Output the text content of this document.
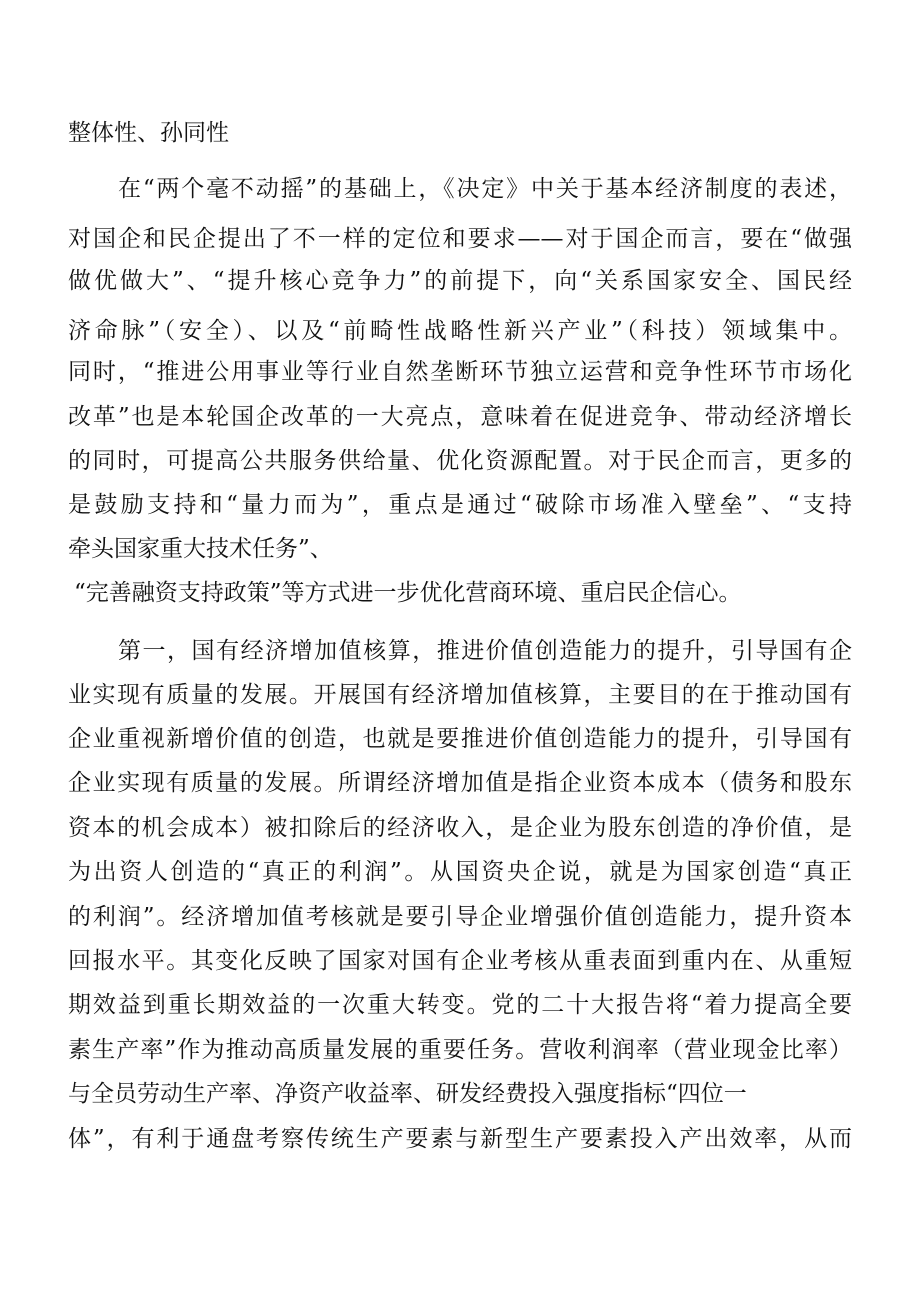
整体性、孙同性
在“两个毫不动摇”的基础上，《决定》中关于基本经济制度的表述，
对国企和民企提出了不一样的定位和要求——对于国企而言，要在“做强
做优做大”、“提升核心竞争力”的前提下，向“关系国家安全、国民经
济命脉”（安全）、以及“前畸性战略性新兴产业”（科技）领域集中。
同时，“推进公用事业等行业自然垄断环节独立运营和竞争性环节市场化
改革”也是本轮国企改革的一大亮点，意味着在促进竞争、带动经济增长
的同时，可提高公共服务供给量、优化资源配置。对于民企而言，更多的
是鼓励支持和“量力而为”，重点是通过“破除市场准入壁垒”、“支持
牵头国家重大技术任务”、
“完善融资支持政策”等方式进一步优化营商环境、重启民企信心。
第一，国有经济增加值核算，推进价值创造能力的提升，引导国有企
业实现有质量的发展。开展国有经济增加值核算，主要目的在于推动国有
企业重视新增价值的创造，也就是要推进价值创造能力的提升，引导国有
企业实现有质量的发展。所谓经济增加值是指企业资本成本（债务和股东
资本的机会成本）被扣除后的经济收入，是企业为股东创造的净价值，是
为出资人创造的“真正的利润”。从国资央企说，就是为国家创造“真正
的利润”。经济增加值考核就是要引导企业增强价值创造能力，提升资本
回报水平。其变化反映了国家对国有企业考核从重表面到重内在、从重短
期效益到重长期效益的一次重大转变。党的二十大报告将“着力提高全要
素生产率”作为推动高质量发展的重要任务。营收利润率（营业现金比率）
与全员劳动生产率、净资产收益率、研发经费投入强度指标“四位一
体”，有利于通盘考察传统生产要素与新型生产要素投入产出效率，从而
